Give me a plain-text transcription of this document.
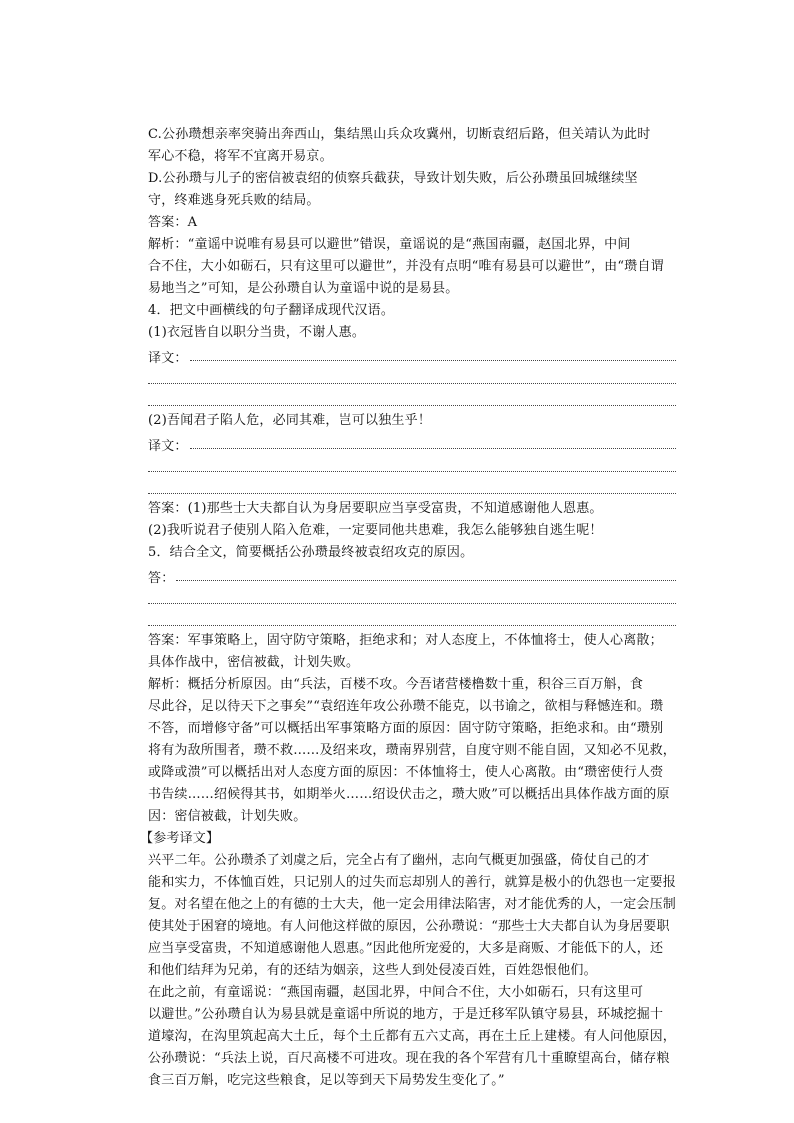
C.公孙瓒想亲率突骑出奔西山，集结黑山兵众攻冀州，切断袁绍后路，但关靖认为此时

军心不稳，将军不宜离开易京。

D.公孙瓒与儿子的密信被袁绍的侦察兵截获，导致计划失败，后公孙瓒虽回城继续坚

守，终难逃身死兵败的结局。

答案：A

解析：“童谣中说唯有易县可以避世”错误，童谣说的是“燕国南疆，赵国北界，中间

合不住，大小如砺石，只有这里可以避世”，并没有点明“唯有易县可以避世”，由“瓒自谓

易地当之”可知，是公孙瓒自认为童谣中说的是易县。

4．把文中画横线的句子翻译成现代汉语。

(1)衣冠皆自以职分当贵，不谢人惠。

译文：

(2)吾闻君子陷人危，必同其难，岂可以独生乎！

译文：

答案：(1)那些士大夫都自认为身居要职应当享受富贵，不知道感谢他人恩惠。

(2)我听说君子使别人陷入危难，一定要同他共患难，我怎么能够独自逃生呢！

5．结合全文，简要概括公孙瓒最终被袁绍攻克的原因。

答：

答案：军事策略上，固守防守策略，拒绝求和；对人态度上，不体恤将士，使人心离散；

具体作战中，密信被截，计划失败。

解析：概括分析原因。由“兵法，百楼不攻。今吾诸营楼橹数十重，积谷三百万斛，食

尽此谷，足以待天下之事矣”“袁绍连年攻公孙瓒不能克，以书谕之，欲相与释憾连和。瓒

不答，而增修守备”可以概括出军事策略方面的原因：固守防守策略，拒绝求和。由“瓒别

将有为敌所围者，瓒不救……及绍来攻，瓒南界别营，自度守则不能自固，又知必不见救，

或降或溃”可以概括出对人态度方面的原因：不体恤将士，使人心离散。由“瓒密使行人赍

书告续……绍候得其书，如期举火……绍设伏击之，瓒大败”可以概括出具体作战方面的原

因：密信被截，计划失败。

【参考译文】

兴平二年。公孙瓒杀了刘虞之后，完全占有了幽州，志向气概更加强盛，倚仗自己的才

能和实力，不体恤百姓，只记别人的过失而忘却别人的善行，就算是极小的仇怨也一定要报

复。对名望在他之上的有德的士大夫，他一定会用律法陷害，对才能优秀的人，一定会压制

使其处于困窘的境地。有人问他这样做的原因，公孙瓒说：“那些士大夫都自认为身居要职

应当享受富贵，不知道感谢他人恩惠。”因此他所宠爱的，大多是商贩、才能低下的人，还

和他们结拜为兄弟，有的还结为姻亲，这些人到处侵凌百姓，百姓怨恨他们。

在此之前，有童谣说：“燕国南疆，赵国北界，中间合不住，大小如砺石，只有这里可

以避世。”公孙瓒自认为易县就是童谣中所说的地方，于是迁移军队镇守易县，环城挖掘十

道壕沟，在沟里筑起高大土丘，每个土丘都有五六丈高，再在土丘上建楼。有人问他原因，

公孙瓒说：“兵法上说，百尺高楼不可进攻。现在我的各个军营有几十重瞭望高台，储存粮

食三百万斛，吃完这些粮食，足以等到天下局势发生变化了。”
